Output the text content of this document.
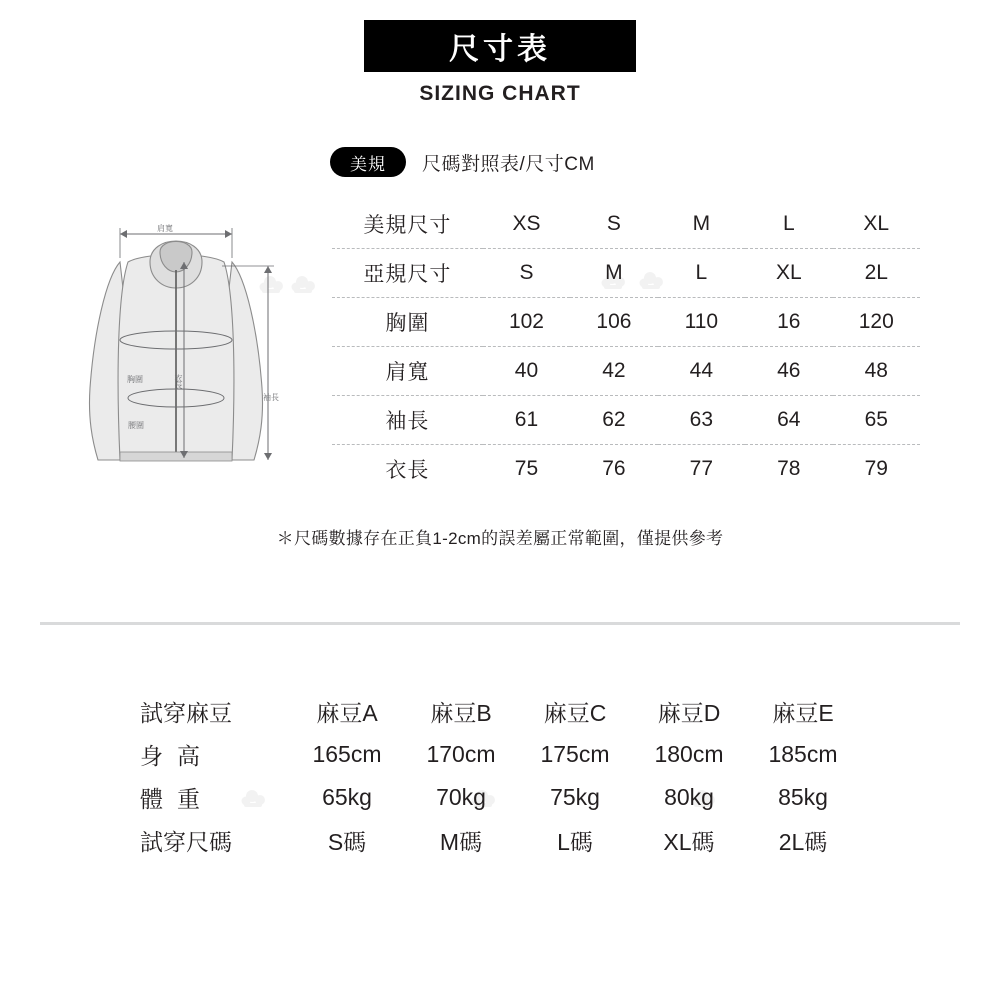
尺寸表
SIZING CHART
美規 尺碼對照表/尺寸CM
肩寬
胸圍	衣長
腰圍
袖長
美規尺寸	XS	S	M	L	XL
亞規尺寸	S	M	L	XL	2L
胸圍	102	106	110	16	120
肩寬	40	42	44	46	48
袖長	61	62	63	64	65
衣長	75	76	77	78	79
＊尺碼數據存在正負1-2cm的誤差屬正常範圍，僅提供參考
試穿麻豆	麻豆A	麻豆B	麻豆C	麻豆D	麻豆E
身高	165cm	170cm	175cm	180cm	185cm
體重	65kg	70kg	75kg	80kg	85kg
試穿尺碼	S碼	M碼	L碼	XL碼	2L碼
